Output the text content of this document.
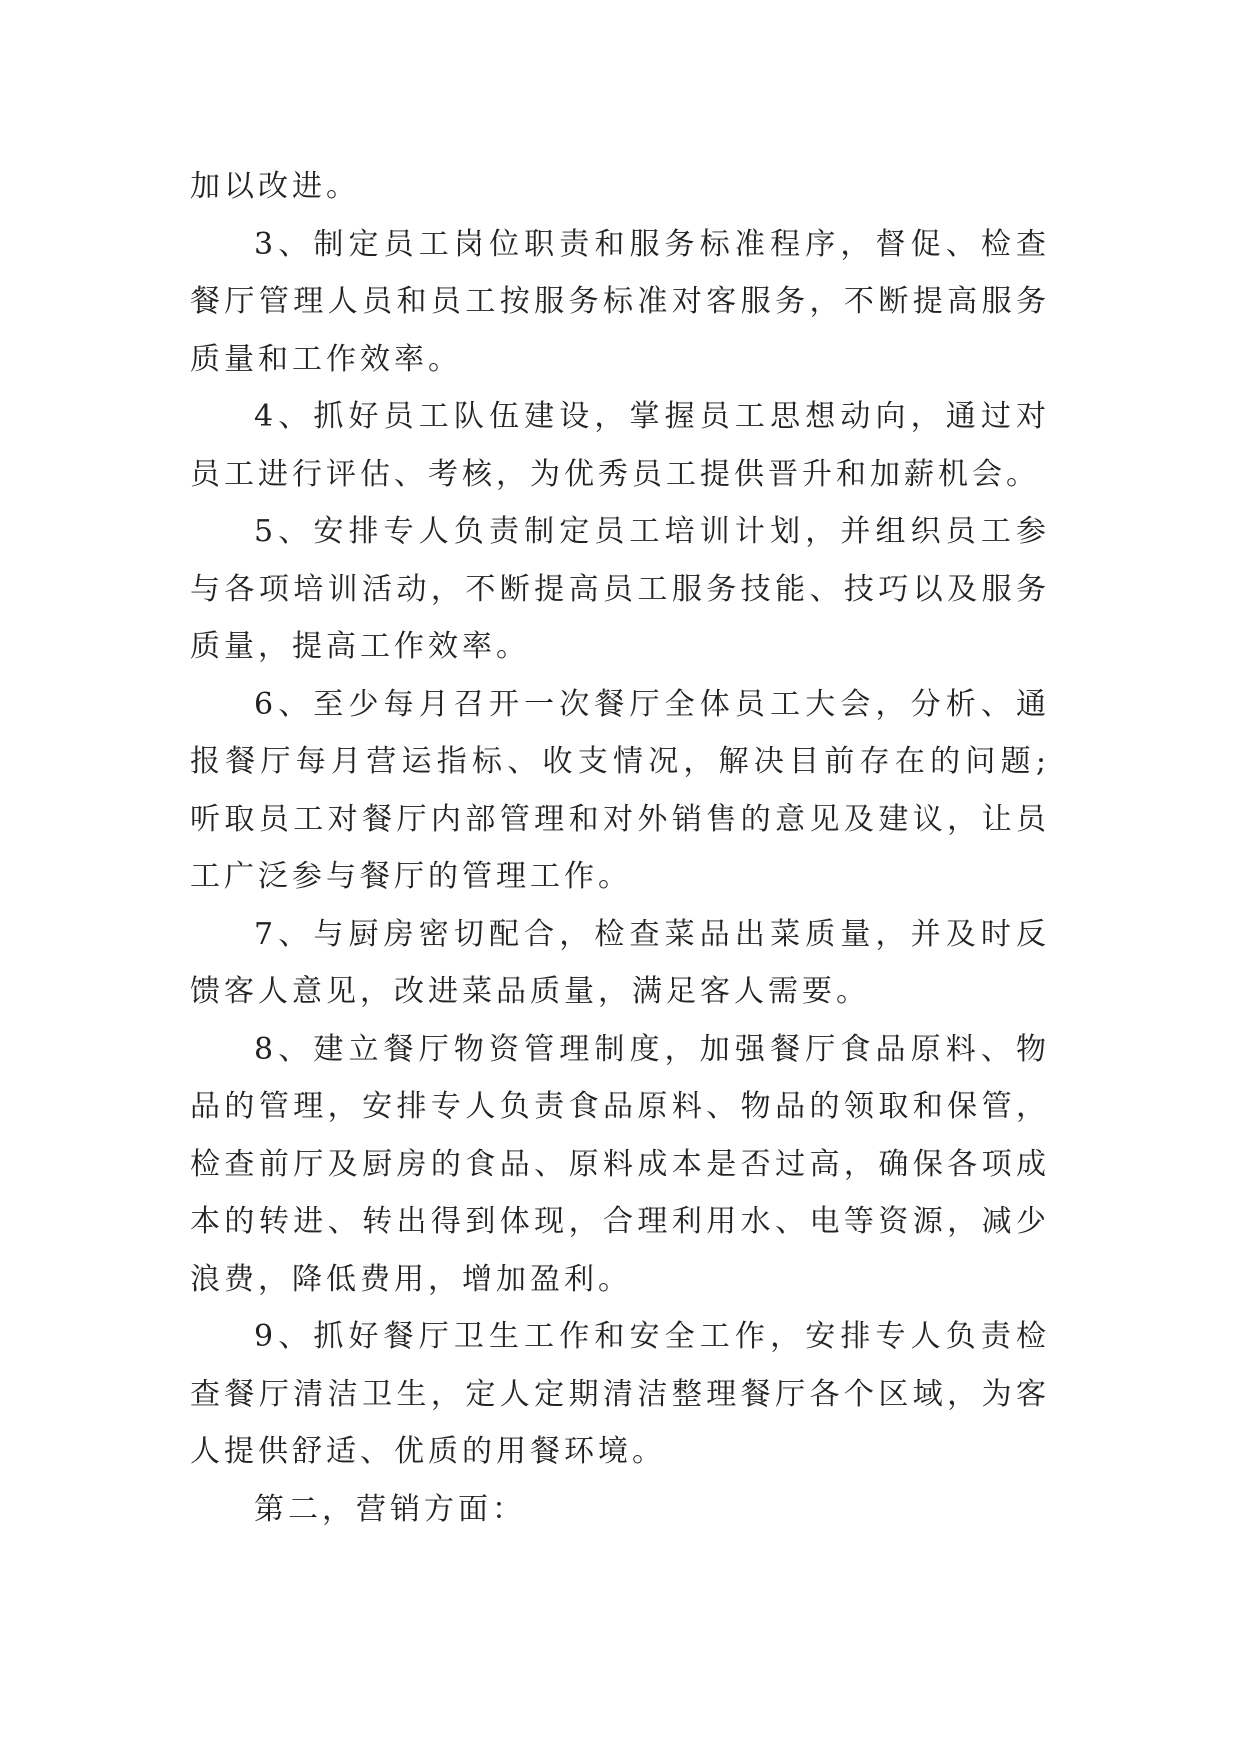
加以改进。

3、制定员工岗位职责和服务标准程序，督促、检查餐厅管理人员和员工按服务标准对客服务，不断提高服务质量和工作效率。

4、抓好员工队伍建设，掌握员工思想动向，通过对员工进行评估、考核，为优秀员工提供晋升和加薪机会。

5、安排专人负责制定员工培训计划，并组织员工参与各项培训活动，不断提高员工服务技能、技巧以及服务质量，提高工作效率。

6、至少每月召开一次餐厅全体员工大会，分析、通报餐厅每月营运指标、收支情况，解决目前存在的问题;听取员工对餐厅内部管理和对外销售的意见及建议，让员工广泛参与餐厅的管理工作。

7、与厨房密切配合，检查菜品出菜质量，并及时反馈客人意见，改进菜品质量，满足客人需要。

8、建立餐厅物资管理制度，加强餐厅食品原料、物品的管理，安排专人负责食品原料、物品的领取和保管，检查前厅及厨房的食品、原料成本是否过高，确保各项成本的转进、转出得到体现，合理利用水、电等资源，减少浪费，降低费用，增加盈利。

9、抓好餐厅卫生工作和安全工作，安排专人负责检查餐厅清洁卫生，定人定期清洁整理餐厅各个区域，为客人提供舒适、优质的用餐环境。

第二，营销方面：
